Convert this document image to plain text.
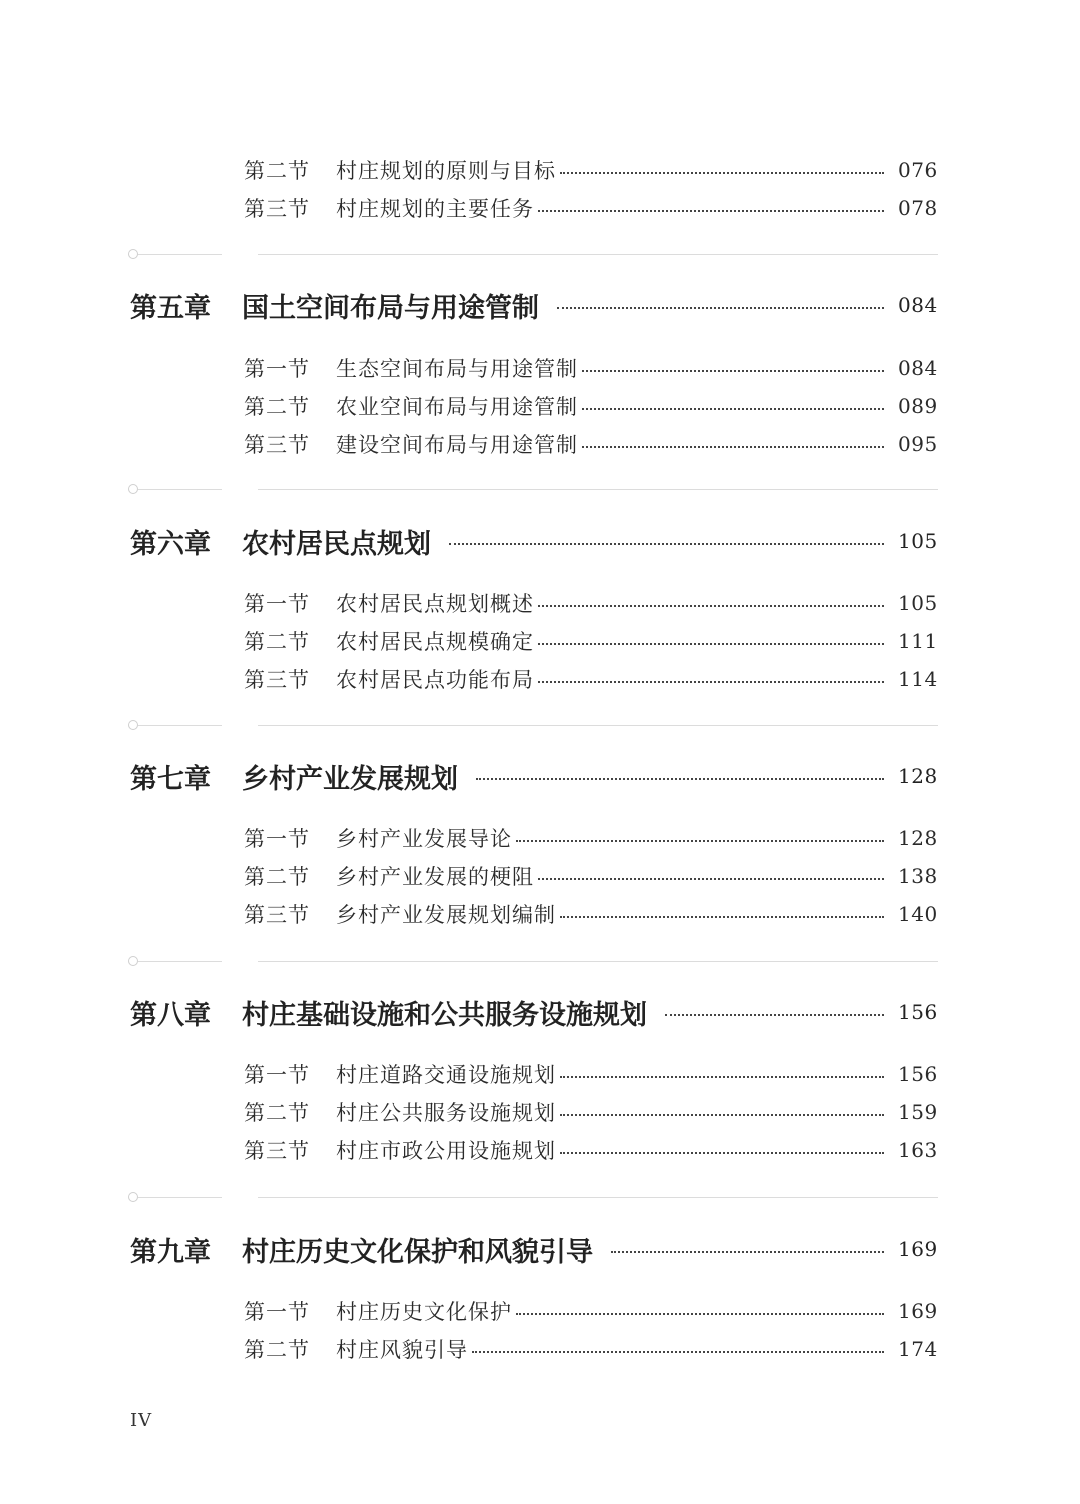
第二节	村庄规划的原则与目标	076
第三节	村庄规划的主要任务	078
第五章	国土空间布局与用途管制	084
第一节	生态空间布局与用途管制	084
第二节	农业空间布局与用途管制	089
第三节	建设空间布局与用途管制	095
第六章	农村居民点规划	105
第一节	农村居民点规划概述	105
第二节	农村居民点规模确定	111
第三节	农村居民点功能布局	114
第七章	乡村产业发展规划	128
第一节	乡村产业发展导论	128
第二节	乡村产业发展的梗阻	138
第三节	乡村产业发展规划编制	140
第八章	村庄基础设施和公共服务设施规划	156
第一节	村庄道路交通设施规划	156
第二节	村庄公共服务设施规划	159
第三节	村庄市政公用设施规划	163
第九章	村庄历史文化保护和风貌引导	169
第一节	村庄历史文化保护	169
第二节	村庄风貌引导	174
IV
